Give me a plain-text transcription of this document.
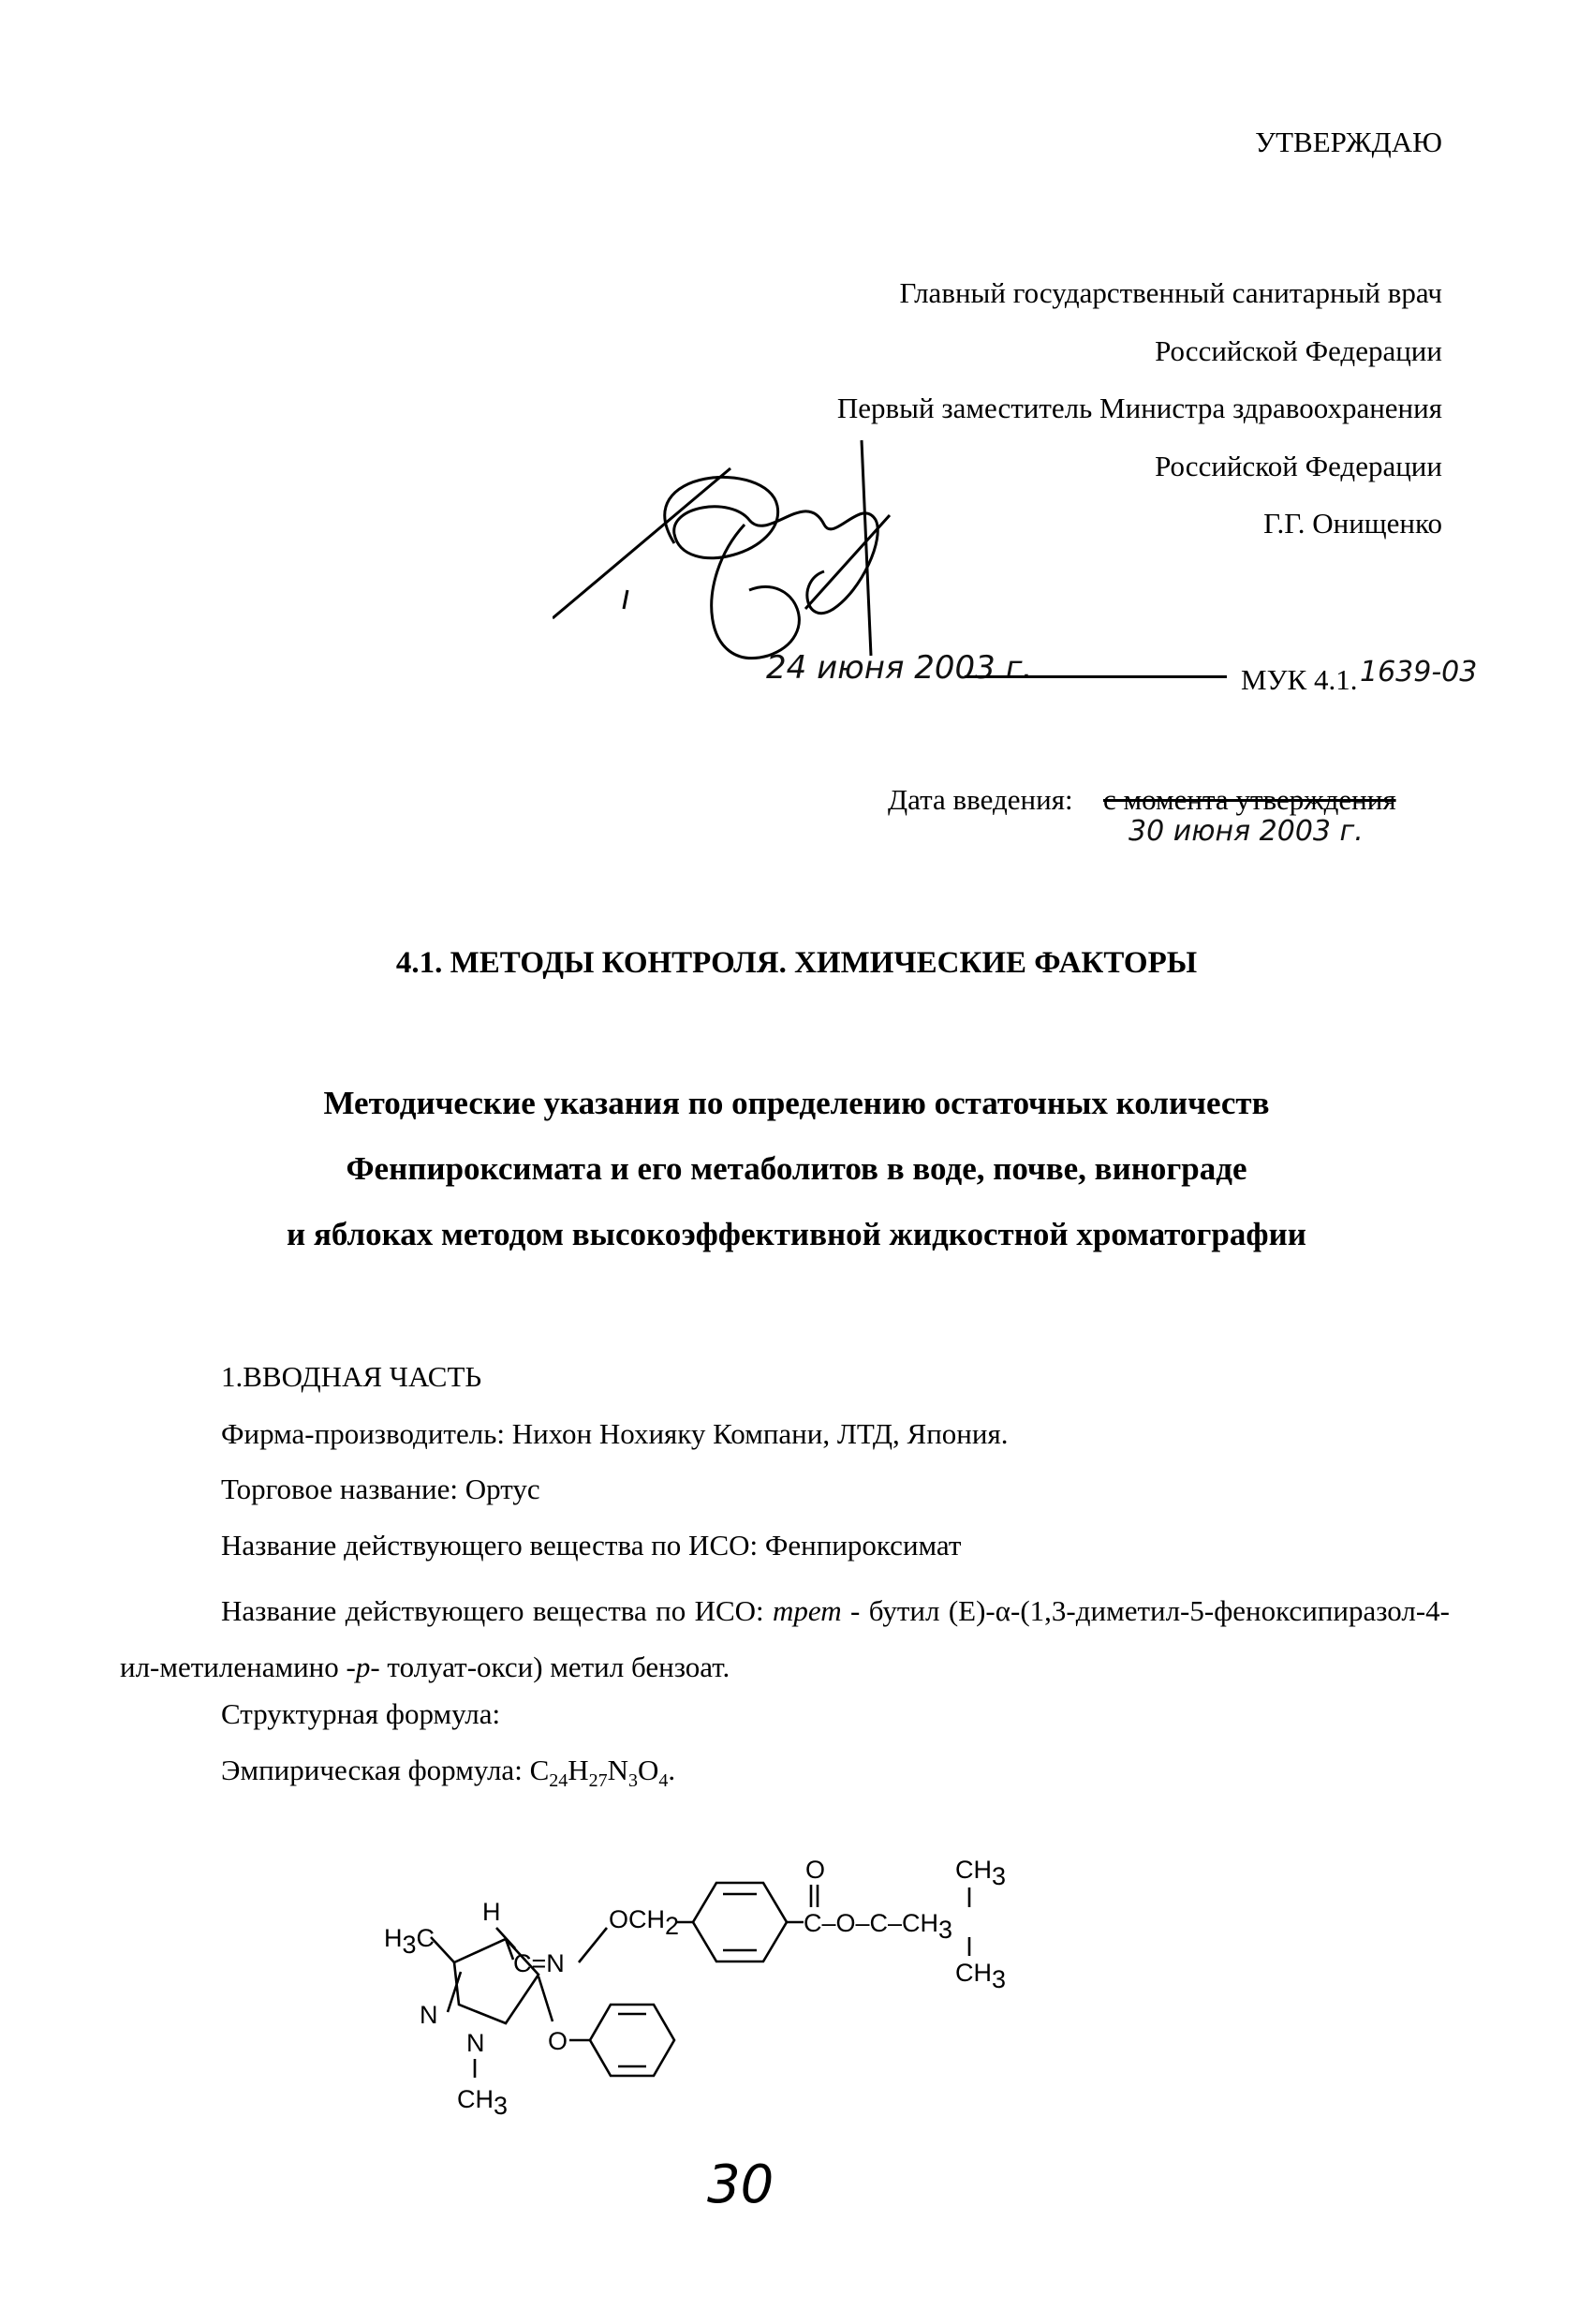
УТВЕРЖДАЮ
Главный государственный санитарный врач
Российской Федерации
Первый заместитель Министра здравоохранения
Российской Федерации
Г.Г. Онищенко
24 июня 2003 г.	МУК 4.1. 1639-03
Дата введения: с момента утверждения
30 июня 2003 г.
4.1. МЕТОДЫ КОНТРОЛЯ. ХИМИЧЕСКИЕ ФАКТОРЫ
Методические указания по определению остаточных количеств
Фенпироксимата и его метаболитов в воде, почве, винограде
и яблоках методом высокоэффективной жидкостной хроматографии
1.ВВОДНАЯ ЧАСТЬ
Фирма-производитель: Нихон Нохияку Компани, ЛТД, Япония.
Торговое название: Ортус
Название действующего вещества по ИСО: Фенпироксимат
Название действующего вещества по ИСО: трет - бутил (Е)-α-(1,3-диметил-5-феноксипиразол-4-ил-метиленамино -р- толуат-окси) метил бензоат.
Структурная формула:
Эмпирическая формула: $C_{24}H_{27}N_3O_4$.
H3C
H
C=N
OCH2
N
N
CH3
O
O
C–O–C–CH3
CH3
CH3
30
